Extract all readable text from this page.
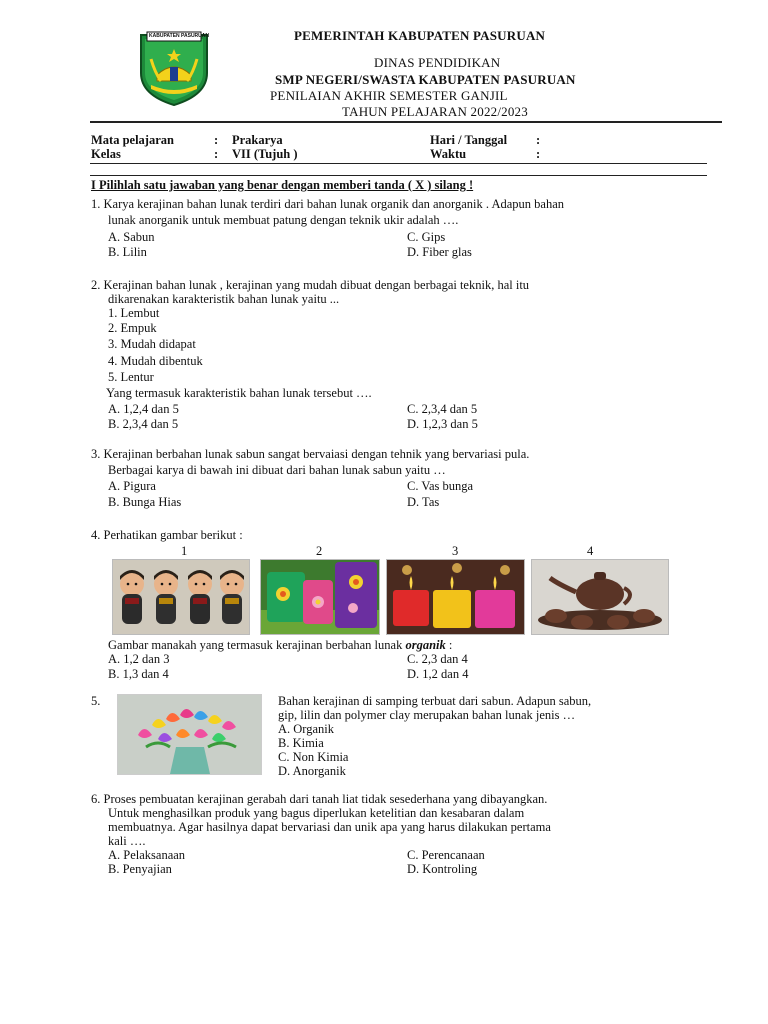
KABUPATEN PASURUAN	PEMERINTAH KABUPATEN PASURUAN
DINAS PENDIDIKAN
SMP NEGERI/SWASTA KABUPATEN PASURUAN
PENILAIAN AKHIR SEMESTER GANJIL
TAHUN PELAJARAN 2022/2023
Mata pelajaran	: Prakarya	Hari / Tanggal :
Kelas	: VII (Tujuh )	Waktu	:
I Pilihlah satu jawaban yang benar dengan memberi tanda ( X ) silang !
1. Karya kerajinan bahan lunak terdiri dari bahan lunak organik dan anorganik . Adapun bahan
lunak anorganik untuk membuat patung dengan teknik ukir adalah ….
A. Sabun	C. Gips
B. Lilin	D. Fiber glas
2. Kerajinan bahan lunak , kerajinan yang mudah dibuat dengan berbagai teknik, hal itu
dikarenakan karakteristik bahan lunak yaitu ...
1. Lembut
2. Empuk
3. Mudah didapat
4. Mudah dibentuk
5. Lentur
Yang termasuk karakteristik bahan lunak tersebut ….
A. 1,2,4 dan 5	C. 2,3,4 dan 5
B. 2,3,4 dan 5	D. 1,2,3 dan 5
3. Kerajinan berbahan lunak sabun sangat bervaiasi dengan tehnik yang bervariasi pula.
Berbagai karya di bawah ini dibuat dari bahan lunak sabun yaitu …
A. Pigura	C. Vas bunga
B. Bunga Hias	D. Tas
4. Perhatikan gambar berikut :
1	2	3	4
Gambar manakah yang termasuk kerajinan berbahan lunak organik :
A. 1,2 dan 3	C. 2,3 dan 4
B. 1,3 dan 4	D. 1,2 dan 4
5.	Bahan kerajinan di samping terbuat dari sabun. Adapun sabun,
gip, lilin dan polymer clay merupakan bahan lunak jenis …
A. Organik
B. Kimia
C. Non Kimia
D. Anorganik
6. Proses pembuatan kerajinan gerabah dari tanah liat tidak sesederhana yang dibayangkan.
Untuk menghasilkan produk yang bagus diperlukan ketelitian dan kesabaran dalam
membuatnya. Agar hasilnya dapat bervariasi dan unik apa yang harus dilakukan pertama
kali ….
A. Pelaksanaan	C. Perencanaan
B. Penyajian	D. Kontroling
